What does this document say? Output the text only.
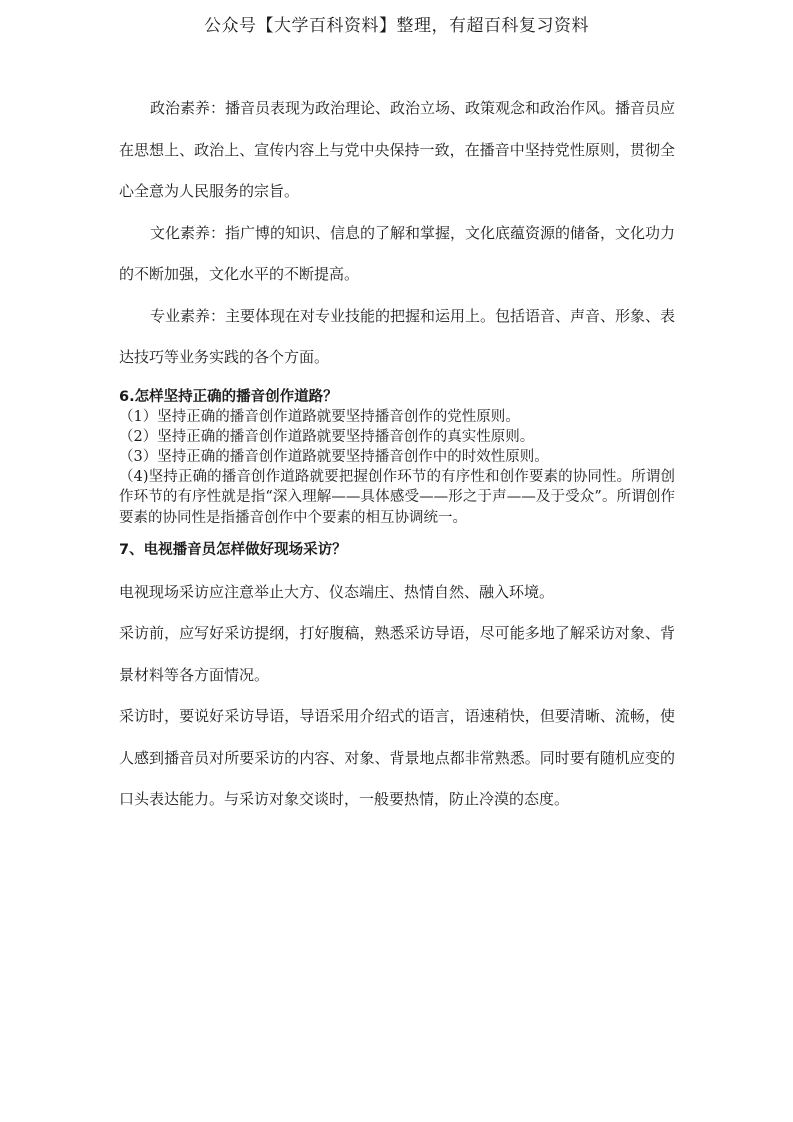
公众号【大学百科资料】整理，有超百科复习资料

政治素养：播音员表现为政治理论、政治立场、政策观念和政治作风。播音员应在思想上、政治上、宣传内容上与党中央保持一致，在播音中坚持党性原则，贯彻全心全意为人民服务的宗旨。

文化素养：指广博的知识、信息的了解和掌握，文化底蕴资源的储备，文化功力的不断加强，文化水平的不断提高。

专业素养：主要体现在对专业技能的把握和运用上。包括语音、声音、形象、表达技巧等业务实践的各个方面。

6.怎样坚持正确的播音创作道路？

（1）坚持正确的播音创作道路就要坚持播音创作的党性原则。

（2）坚持正确的播音创作道路就要坚持播音创作的真实性原则。

（3）坚持正确的播音创作道路就要坚持播音创作中的时效性原则。

（4)坚持正确的播音创作道路就要把握创作环节的有序性和创作要素的协同性。所谓创作环节的有序性就是指“深入理解——具体感受——形之于声——及于受众”。所谓创作要素的协同性是指播音创作中个要素的相互协调统一。

7、电视播音员怎样做好现场采访？

电视现场采访应注意举止大方、仪态端庄、热情自然、融入环境。

采访前，应写好采访提纲，打好腹稿，熟悉采访导语，尽可能多地了解采访对象、背景材料等各方面情况。

采访时，要说好采访导语，导语采用介绍式的语言，语速稍快，但要清晰、流畅，使人感到播音员对所要采访的内容、对象、背景地点都非常熟悉。同时要有随机应变的口头表达能力。与采访对象交谈时，一般要热情，防止冷漠的态度。
